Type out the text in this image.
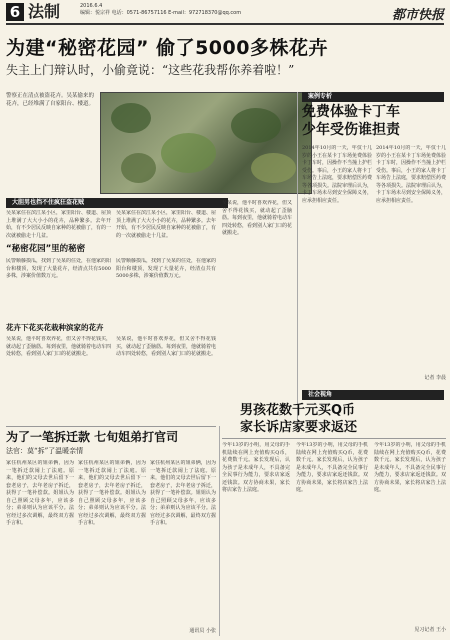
6 法制	2016.6.4
编辑：悦宗祥 电话：0571-86757116 E-mail：972718370@qq.com	都市快报
为建“秘密花园” 偷了5000多株花卉
失主上门辩认时，小偷竟说：“这些花我帮你养着啦！”
警察正在清点被盗花卉。吴某偷来的花卉，已经堆满了自家阳台、楼道。
大胆男也挡不住疯狂盗花贼
吴某家住在滨江某小区，家里阳台、楼道、屋顶上堆满了大大小小的花卉，品种繁多。去年开始，有不少居民反映自家种的花被偷了，有的一次就被偷走十几盆。
吴某家住在滨江某小区，家里阳台、楼道、屋顶上堆满了大大小小的花卉，品种繁多。去年开始，有不少居民反映自家种的花被偷了，有的一次就被偷走十几盆。
“秘密花园”里的秘密
民警顺藤摸瓜，找到了吴某的住处，在他家的阳台和楼顶，发现了大量花卉，经清点共有5000多株，涉案价值数万元。
民警顺藤摸瓜，找到了吴某的住处，在他家的阳台和楼顶，发现了大量花卉，经清点共有5000多株，涉案价值数万元。
花卉下花买花栽种滨家的花卉
吴某说，他平时喜欢养花，但又舍不得花钱买，就动起了歪脑筋。每到夜里，他就骑着电动车四处转悠，看到别人家门口的花就搬走。
吴某说，他平时喜欢养花，但又舍不得花钱买，就动起了歪脑筋。每到夜里，他就骑着电动车四处转悠，看到别人家门口的花就搬走。
吴某说，他平时喜欢养花，但又舍不得花钱买，就动起了歪脑筋。每到夜里，他就骑着电动车四处转悠，看到别人家门口的花就搬走。
案例专析
免费体验卡丁车
少年受伤谁担责
2014年10月的一天，年仅十几岁的小王在某卡丁车场免费体验卡丁车时，因操作不当撞上护栏受伤。事后，小王的家人将卡丁车场告上法庭，要求赔偿医药费等各项损失。法院审理后认为，卡丁车场未尽到安全保障义务，应承担相应责任。
2014年10月的一天，年仅十几岁的小王在某卡丁车场免费体验卡丁车时，因操作不当撞上护栏受伤。事后，小王的家人将卡丁车场告上法庭，要求赔偿医药费等各项损失。法院审理后认为，卡丁车场未尽到安全保障义务，应承担相应责任。
记者 李晨
社会视角
男孩花数千元买Q币
家长诉店家要求返还
今年13岁的小明，用父母的手机陆续在网上充值购买Q币，花费数千元。家长发现后，认为孩子是未成年人，不具备完全民事行为能力，要求店家返还钱款。双方协商未果，家长将店家告上法庭。
今年13岁的小明，用父母的手机陆续在网上充值购买Q币，花费数千元。家长发现后，认为孩子是未成年人，不具备完全民事行为能力，要求店家返还钱款。双方协商未果，家长将店家告上法庭。
今年13岁的小明，用父母的手机陆续在网上充值购买Q币，花费数千元。家长发现后，认为孩子是未成年人，不具备完全民事行为能力，要求店家返还钱款。双方协商未果，家长将店家告上法庭。
见习记者 王小
为了一笔拆迁款 七旬姐弟打官司
法官：莫“拆”了温暖亲情
家住杭州某区的姐弟俩，因为一笔拆迁款闹上了法庭。原来，他们的父母去世后留下一套老房子，去年老房子拆迁，获得了一笔补偿款。姐姐认为自己照顾父母多年，应该多分；弟弟则认为应该平分。法官经过多次调解，最终双方握手言和。
家住杭州某区的姐弟俩，因为一笔拆迁款闹上了法庭。原来，他们的父母去世后留下一套老房子，去年老房子拆迁，获得了一笔补偿款。姐姐认为自己照顾父母多年，应该多分；弟弟则认为应该平分。法官经过多次调解，最终双方握手言和。
家住杭州某区的姐弟俩，因为一笔拆迁款闹上了法庭。原来，他们的父母去世后留下一套老房子，去年老房子拆迁，获得了一笔补偿款。姐姐认为自己照顾父母多年，应该多分；弟弟则认为应该平分。法官经过多次调解，最终双方握手言和。
通讯员 小张
